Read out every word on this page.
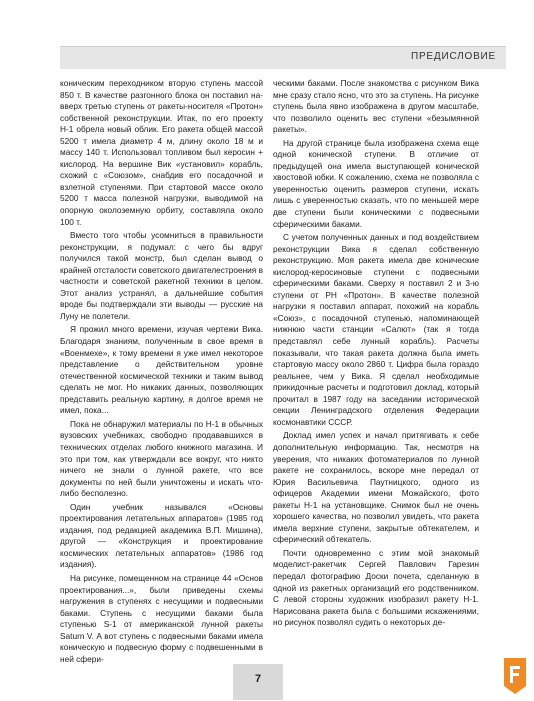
ПРЕДИСЛОВИЕ

коническим переходником вторую ступень массой 850 т. В качестве разгонного блока он поставил на- вверх третью ступень от ракеты-носителя «Протон» собственной реконструкции. Итак, по его проекту Н-1 обрела новый облик. Его ракета общей массой 5200 т имела диаметр 4 м, длину около 18 м и массу 140 т. Использовал топливом был керосин + кислород. На вершине Вик «установил» корабль, схожий с «Союзом», снабдив его посадочной и взлетной ступенями. При стартовой массе около 5200 т масса полезной нагрузки, выводимой на опорную околоземную орбиту, составляла около 100 т.

Вместо того чтобы усомниться в правильности реконструкции, я подумал: с чего бы вдруг получился такой монстр, был сделан вывод о крайней отсталости советского двигателестроения в частности и советской ракетной техники в целом. Этот анализ устранял, а дальнейшие события вроде бы подтверждали эти выводы — русские на Луну не полетели.

Я прожил много времени, изучая чертежи Вика. Благодаря знаниям, полученным в свое время в «Военмехе», к тому времени я уже имел некоторое представление о действительном уровне отечественной космической техники и таким вывод сделать не мог. Но никаких данных, позволяющих представить реальную картину, я долгое время не имел, пока...

Пока не обнаружил материалы по Н-1 в обычных вузовских учебниках, свободно продававшихся в технических отделах любого книжного магазина. И это при том, как утверждали все вокруг, что никто ничего не знали о лунной ракете, что все документы по ней были уничтожены и искать что-либо бесполезно.

Один учебник назывался «Основы проектирования летательных аппаратов» (1985 год издания, под редакцией академика В.П. Мишина), другой — «Конструкция и проектирование космических летательных аппаратов» (1986 год издания).

На рисунке, помещенном на странице 44 «Основ проектирования...», были приведены схемы нагружения в ступенях с несущими и подвесными баками. Ступень с несущими баками была ступенью S-1 от американской лунной ракеты Saturn V. А вот ступень с подвесными баками имела коническую и подвесную форму с подвешенными в ней сфери-

ческими баками. После знакомства с рисунком Вика мне сразу стало ясно, что это за ступень. На рисунке ступень была явно изображена в другом масштабе, что позволило оценить вес ступени «безымянной ракеты».

На другой странице была изображена схема еще одной конической ступени. В отличие от предыдущей она имела выступающей конической хвостовой юбки. К сожалению, схема не позволяла с уверенностью оценить размеров ступени, искать лишь с уверенностью сказать, что по меньшей мере две ступени были коническими с подвесными сферическими баками.

С учетом полученных данных и под воздействием реконструкции Вика я сделал собственную реконструкцию. Моя ракета имела две конические кислород-керосиновые ступени с подвесными сферическими баками. Сверху я поставил 2 и 3-ю ступени от РН «Протон». В качестве полезной нагрузки я поставил аппарат, похожий на корабль «Союз», с посадочной ступенью, напоминающей нижнюю части станции «Салют» (так я тогда представлял себе лунный корабль). Расчеты показывали, что такая ракета должна была иметь стартовую массу около 2860 т. Цифра была гораздо реальнее, чем у Вика. Я сделал необходимые прикидочные расчеты и подготовил доклад, который прочитал в 1987 году на заседании исторической секции Ленинградского отделения Федерации космонавтики СССР.

Доклад имел успех и начал притягивать к себе дополнительную информацию. Так, несмотря на уверения, что никаких фотоматериалов по лунной ракете не сохранилось, вскоре мне передал от Юрия Васильевича Паутницкого, одного из офицеров Академии имени Можайского, фото ракеты Н-1 на установщике. Снимок был не очень хорошего качества, но позволил увидеть, что ракета имела верхние ступени, закрытые обтекателем, и сферический обтекатель.

Почти одновременно с этим мой знакомый моделист-ракетчик Сергей Павлович Гарезин передал фотографию Доски почета, сделанную в одной из ракетных организаций его родственником. С левой стороны художник изобразил ракету Н-1. Нарисована ракета была с большими искажениями, но рисунок позволял судить о некоторых де-

7
